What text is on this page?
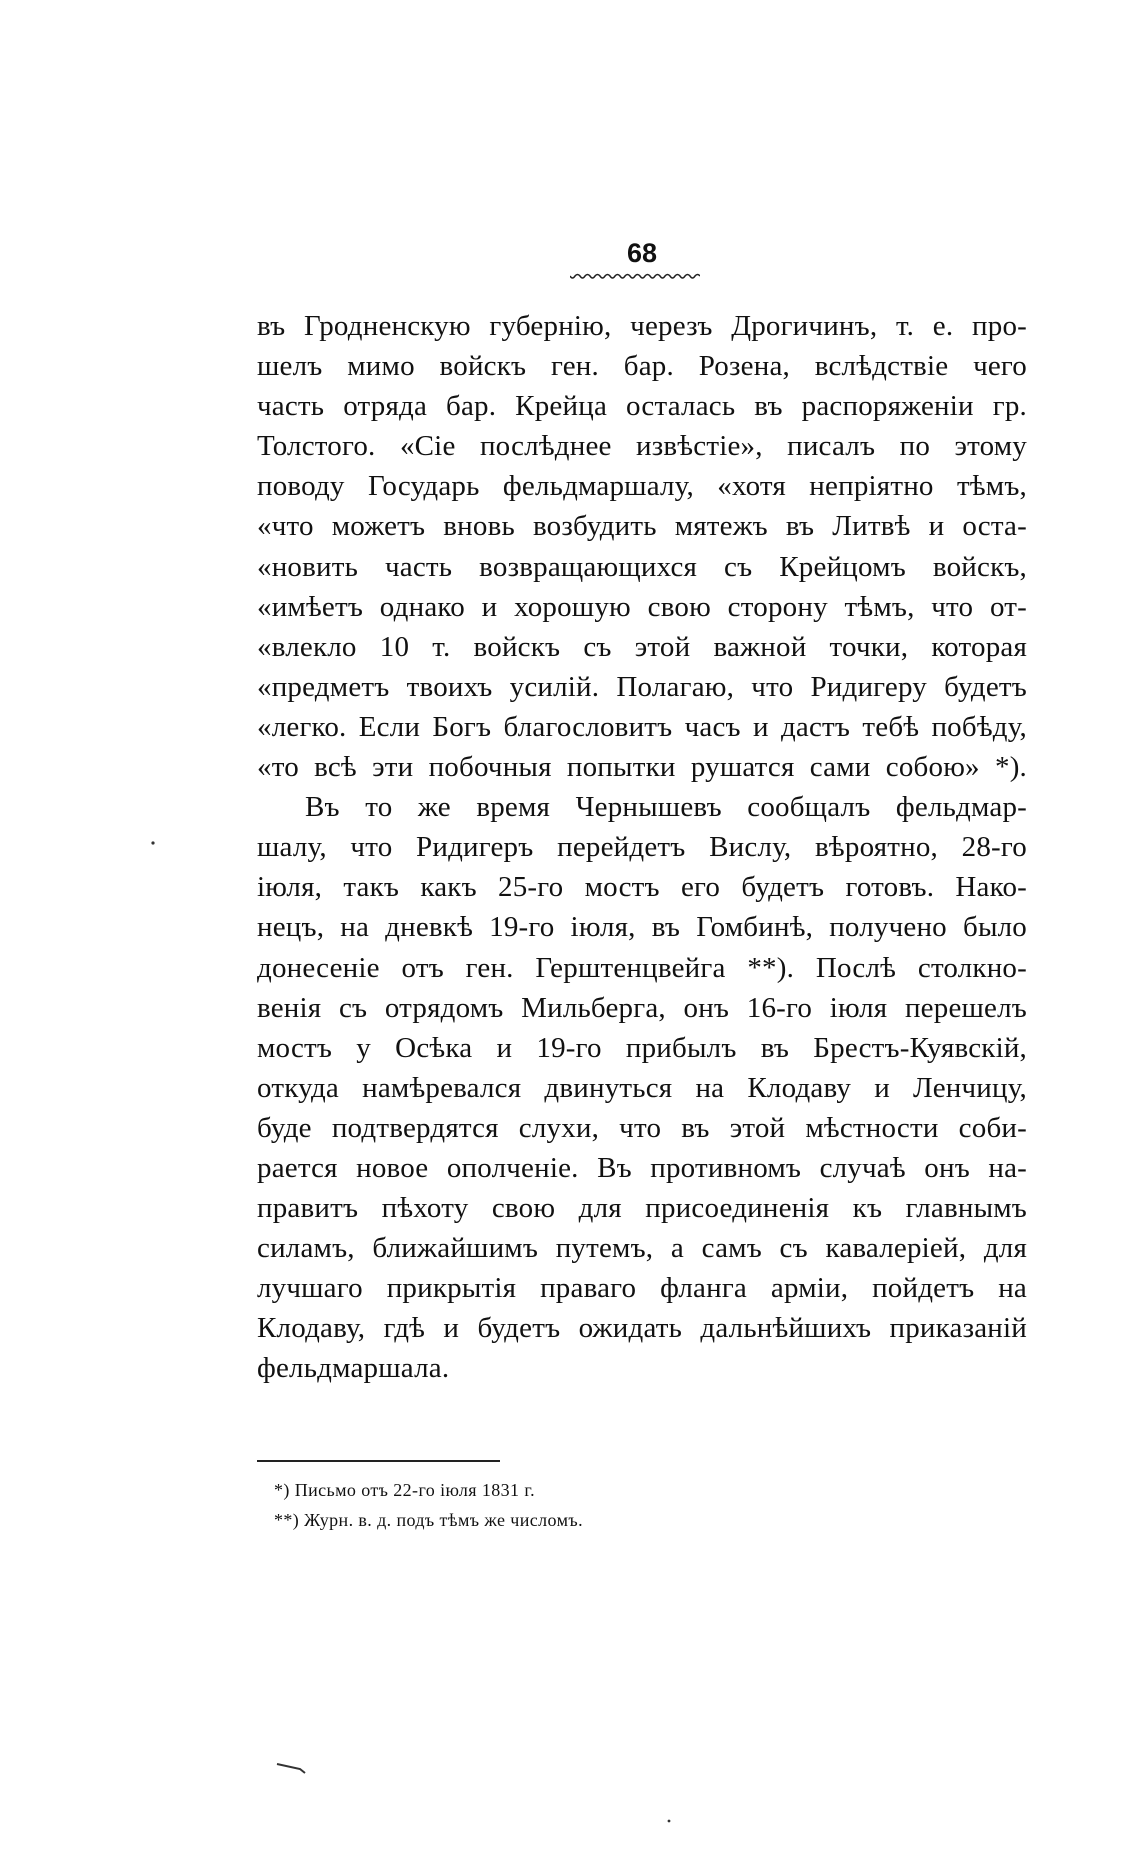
68
въ Гродненскую губернію, черезъ Дрогичинъ, т. е. про-
шелъ мимо войскъ ген. бар. Розена, вслѣдствіе чего
часть отряда бар. Крейца осталась въ распоряженіи гр.
Толстого. «Сіе послѣднее извѣстіе», писалъ по этому
поводу Государь фельдмаршалу, «хотя непріятно тѣмъ,
«что можетъ вновь возбудить мятежъ въ Литвѣ и оста-
«новить часть возвращающихся съ Крейцомъ войскъ,
«имѣетъ однако и хорошую свою сторону тѣмъ, что от-
«влекло 10 т. войскъ съ этой важной точки, которая
«предметъ твоихъ усилій. Полагаю, что Ридигеру будетъ
«легко. Если Богъ благословитъ часъ и дастъ тебѣ побѣду,
«то всѣ эти побочныя попытки рушатся сами собою» *).
Въ то же время Чернышевъ сообщалъ фельдмар-
шалу, что Ридигеръ перейдетъ Вислу, вѣроятно, 28-го
іюля, такъ какъ 25-го мостъ его будетъ готовъ. Нако-
нецъ, на дневкѣ 19-го іюля, въ Гомбинѣ, получено было
донесеніе отъ ген. Герштенцвейга **). Послѣ столкно-
венія съ отрядомъ Мильберга, онъ 16-го іюля перешелъ
мостъ у Осѣка и 19-го прибылъ въ Брестъ-Куявскій,
откуда намѣревался двинуться на Клодаву и Ленчицу,
буде подтвердятся слухи, что въ этой мѣстности соби-
рается новое ополченіе. Въ противномъ случаѣ онъ на-
правитъ пѣхоту свою для присоединенія къ главнымъ
силамъ, ближайшимъ путемъ, а самъ съ кавалеріей, для
лучшаго прикрытія праваго фланга арміи, пойдетъ на
Клодаву, гдѣ и будетъ ожидать дальнѣйшихъ приказаній
фельдмаршала.
*) Письмо отъ 22-го іюля 1831 г.
**) Журн. в. д. подъ тѣмъ же числомъ.
